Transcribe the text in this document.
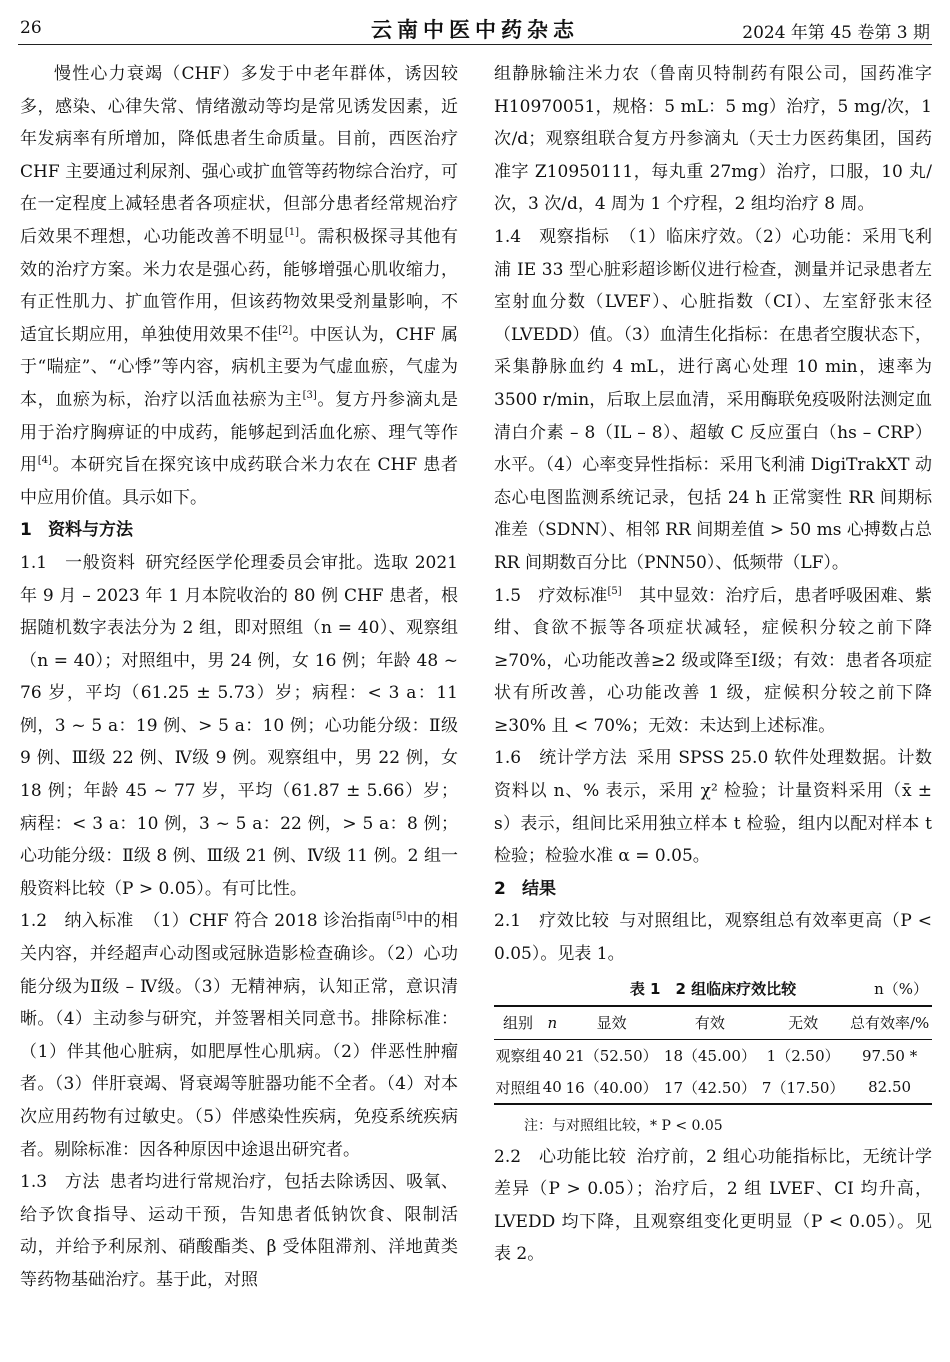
26	云南中医中药杂志	2024 年第 45 卷第 3 期

慢性心力衰竭（CHF）多发于中老年群体，诱因较多，感染、心律失常、情绪激动等均是常见诱发因素，近年发病率有所增加，降低患者生命质量。目前，西医治疗 CHF 主要通过利尿剂、强心或扩血管等药物综合治疗，可在一定程度上减轻患者各项症状，但部分患者经常规治疗后效果不理想，心功能改善不明显[1]。需积极探寻其他有效的治疗方案。米力农是强心药，能够增强心肌收缩力，有正性肌力、扩血管作用，但该药物效果受剂量影响，不适宜长期应用，单独使用效果不佳[2]。中医认为，CHF 属于“喘症”、“心悸”等内容，病机主要为气虚血瘀，气虚为本，血瘀为标，治疗以活血祛瘀为主[3]。复方丹参滴丸是用于治疗胸痹证的中成药，能够起到活血化瘀、理气等作用[4]。本研究旨在探究该中成药联合米力农在 CHF 患者中应用价值。具示如下。

1 资料与方法

1.1　一般资料 研究经医学伦理委员会审批。选取 2021 年 9 月 – 2023 年 1 月本院收治的 80 例 CHF 患者，根据随机数字表法分为 2 组，即对照组（n = 40）、观察组（n = 40）；对照组中，男 24 例，女 16 例；年龄 48 ~ 76 岁，平均（61.25 ± 5.73）岁；病程：< 3 a：11 例，3 ~ 5 a：19 例、> 5 a：10 例；心功能分级：Ⅱ级 9 例、Ⅲ级 22 例、Ⅳ级 9 例。观察组中，男 22 例，女 18 例；年龄 45 ~ 77 岁，平均（61.87 ± 5.66）岁；病程：< 3 a：10 例，3 ~ 5 a：22 例，> 5 a：8 例；心功能分级：Ⅱ级 8 例、Ⅲ级 21 例、Ⅳ级 11 例。2 组一般资料比较（P > 0.05）。有可比性。

1.2　纳入标准 （1）CHF 符合 2018 诊治指南[5]中的相关内容，并经超声心动图或冠脉造影检查确诊。（2）心功能分级为Ⅱ级 – Ⅳ级。（3）无精神病，认知正常，意识清晰。（4）主动参与研究，并签署相关同意书。排除标准：（1）伴其他心脏病，如肥厚性心肌病。（2）伴恶性肿瘤者。（3）伴肝衰竭、肾衰竭等脏器功能不全者。（4）对本次应用药物有过敏史。（5）伴感染性疾病，免疫系统疾病者。剔除标准：因各种原因中途退出研究者。

1.3　方法 患者均进行常规治疗，包括去除诱因、吸氧、给予饮食指导、运动干预，告知患者低钠饮食、限制活动，并给予利尿剂、硝酸酯类、β 受体阻滞剂、洋地黄类等药物基础治疗。基于此，对照

组静脉输注米力农（鲁南贝特制药有限公司，国药准字 H10970051，规格：5 mL：5 mg）治疗，5 mg/次，1 次/d；观察组联合复方丹参滴丸（天士力医药集团，国药准字 Z10950111，每丸重 27mg）治疗，口服，10 丸/次，3 次/d，4 周为 1 个疗程，2 组均治疗 8 周。

1.4　观察指标 （1）临床疗效。（2）心功能：采用飞利浦 IE 33 型心脏彩超诊断仪进行检查，测量并记录患者左室射血分数（LVEF）、心脏指数（CI）、左室舒张末径（LVEDD）值。（3）血清生化指标：在患者空腹状态下，采集静脉血约 4 mL，进行离心处理 10 min，速率为 3500 r/min，后取上层血清，采用酶联免疫吸附法测定血清白介素 – 8（IL – 8）、超敏 C 反应蛋白（hs – CRP）水平。（4）心率变异性指标：采用飞利浦 DigiTrakXT 动态心电图监测系统记录，包括 24 h 正常窦性 RR 间期标准差（SDNN）、相邻 RR 间期差值 > 50 ms 心搏数占总 RR 间期数百分比（PNN50）、低频带（LF）。

1.5　疗效标准[5]　其中显效：治疗后，患者呼吸困难、紫绀、食欲不振等各项症状减轻，症候积分较之前下降≥70%，心功能改善≥2 级或降至Ⅰ级；有效：患者各项症状有所改善，心功能改善 1 级，症候积分较之前下降≥30% 且 < 70%；无效：未达到上述标准。

1.6　统计学方法 采用 SPSS 25.0 软件处理数据。计数资料以 n、% 表示，采用 χ² 检验；计量资料采用（x̄ ± s）表示，组间比采用独立样本 t 检验，组内以配对样本 t 检验；检验水准 α = 0.05。

2 结果

2.1　疗效比较 与对照组比，观察组总有效率更高（P < 0.05）。见表 1。

表 1　2 组临床疗效比较	n（%）
组别	n	显效	有效	无效	总有效率/%
观察组	40	21（52.50）	18（45.00）	1（2.50）	97.50 *
对照组	40	16（40.00）	17（42.50）	7（17.50）	82.50
注：与对照组比较，* P < 0.05

2.2　心功能比较 治疗前，2 组心功能指标比，无统计学差异（P > 0.05）；治疗后，2 组 LVEF、CI 均升高，LVEDD 均下降，且观察组变化更明显（P < 0.05）。见表 2。
